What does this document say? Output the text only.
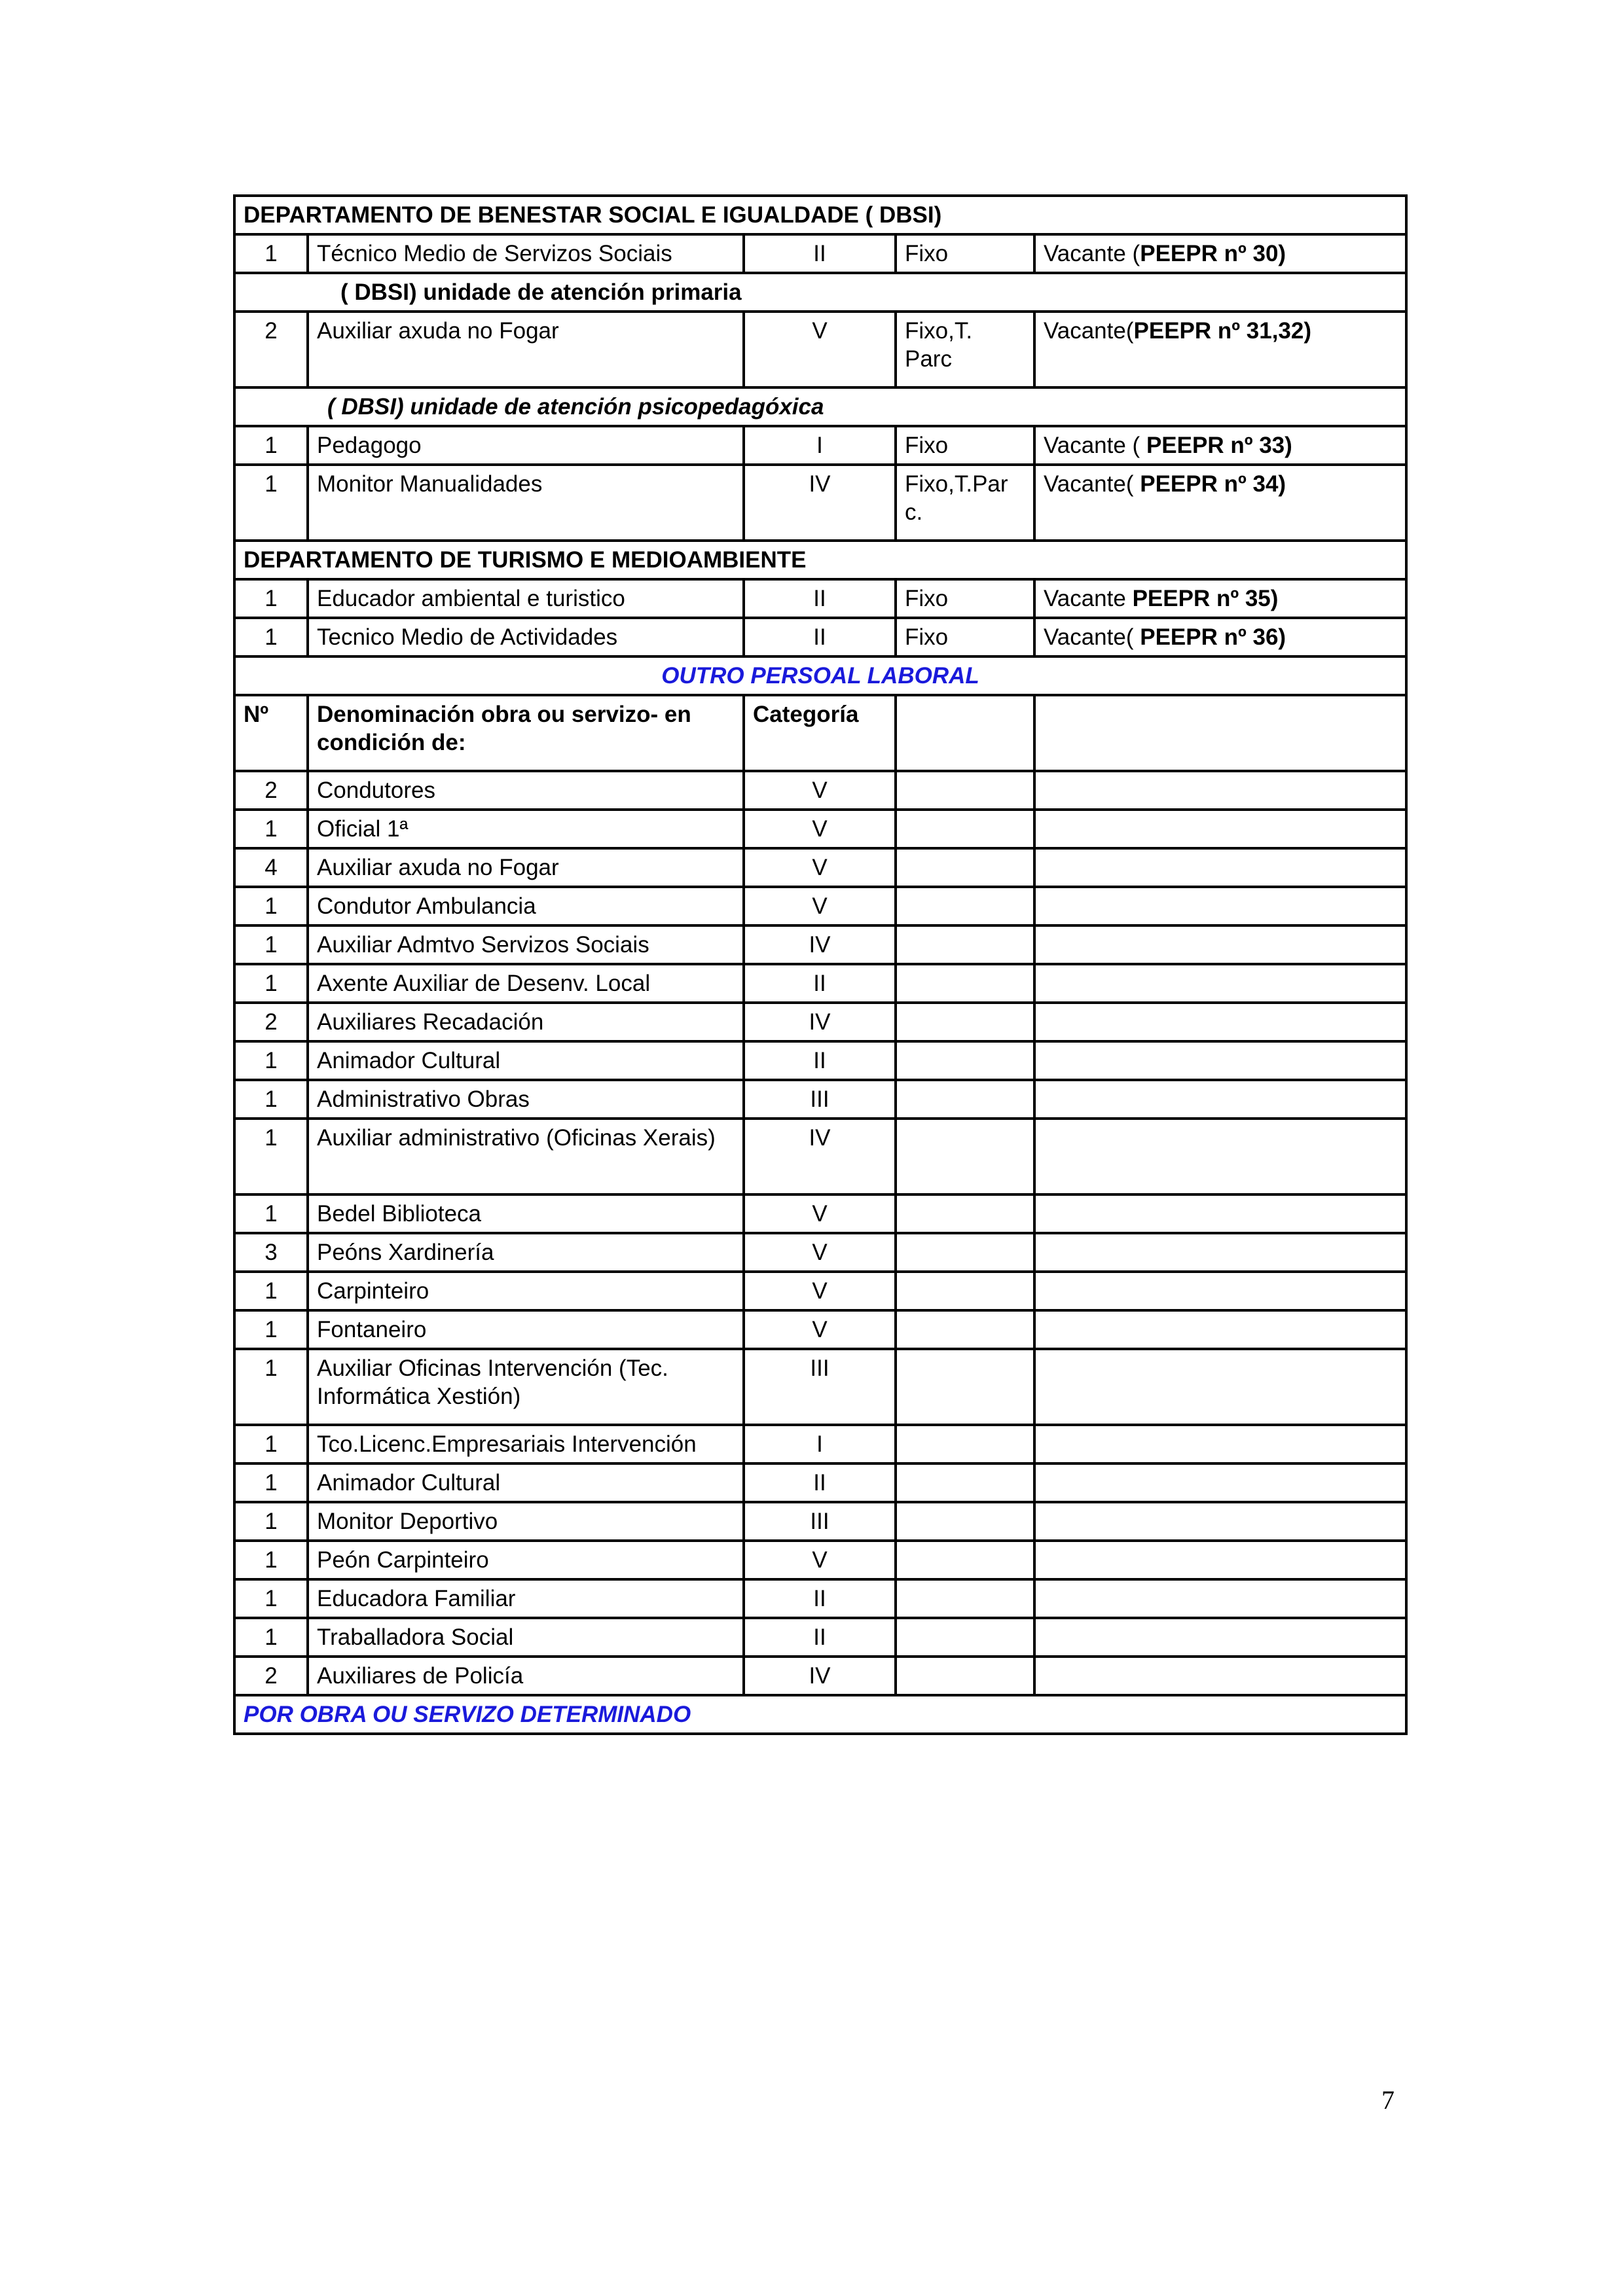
DEPARTAMENTO DE BENESTAR SOCIAL E IGUALDADE ( DBSI)				
1	Técnico Medio de Servizos Sociais	II	Fixo	Vacante (PEEPR nº 30)
( DBSI) unidade de atención primaria				
2	Auxiliar axuda no Fogar	V	Fixo,T. Parc	Vacante(PEEPR nº 31,32)
( DBSI) unidade de atención psicopedagóxica				
1	Pedagogo	I	Fixo	Vacante ( PEEPR nº 33)
1	Monitor Manualidades	IV	Fixo,T.Par c.	Vacante( PEEPR nº 34)
DEPARTAMENTO DE TURISMO E MEDIOAMBIENTE				
1	Educador ambiental e turistico	II	Fixo	Vacante PEEPR nº 35)
1	Tecnico Medio de Actividades	II	Fixo	Vacante( PEEPR nº 36)
OUTRO PERSOAL LABORAL				
Nº	Denominación obra ou servizo- en condición de:	Categoría		
2	Condutores	V		
1	Oficial 1ª	V		
4	Auxiliar axuda no Fogar	V		
1	Condutor Ambulancia	V		
1	Auxiliar Admtvo Servizos Sociais	IV		
1	Axente Auxiliar de Desenv. Local	II		
2	Auxiliares Recadación	IV		
1	Animador Cultural	II		
1	Administrativo Obras	III		
1	Auxiliar administrativo (Oficinas Xerais)	IV		
1	Bedel Biblioteca	V		
3	Peóns Xardinería	V		
1	Carpinteiro	V		
1	Fontaneiro	V		
1	Auxiliar Oficinas Intervención (Tec. Informática Xestión)	III		
1	Tco.Licenc.Empresariais Intervención	I		
1	Animador Cultural	II		
1	Monitor Deportivo	III		
1	Peón Carpinteiro	V		
1	Educadora Familiar	II		
1	Traballadora Social	II		
2	Auxiliares de Policía	IV		
POR OBRA OU SERVIZO DETERMINADO				
7
